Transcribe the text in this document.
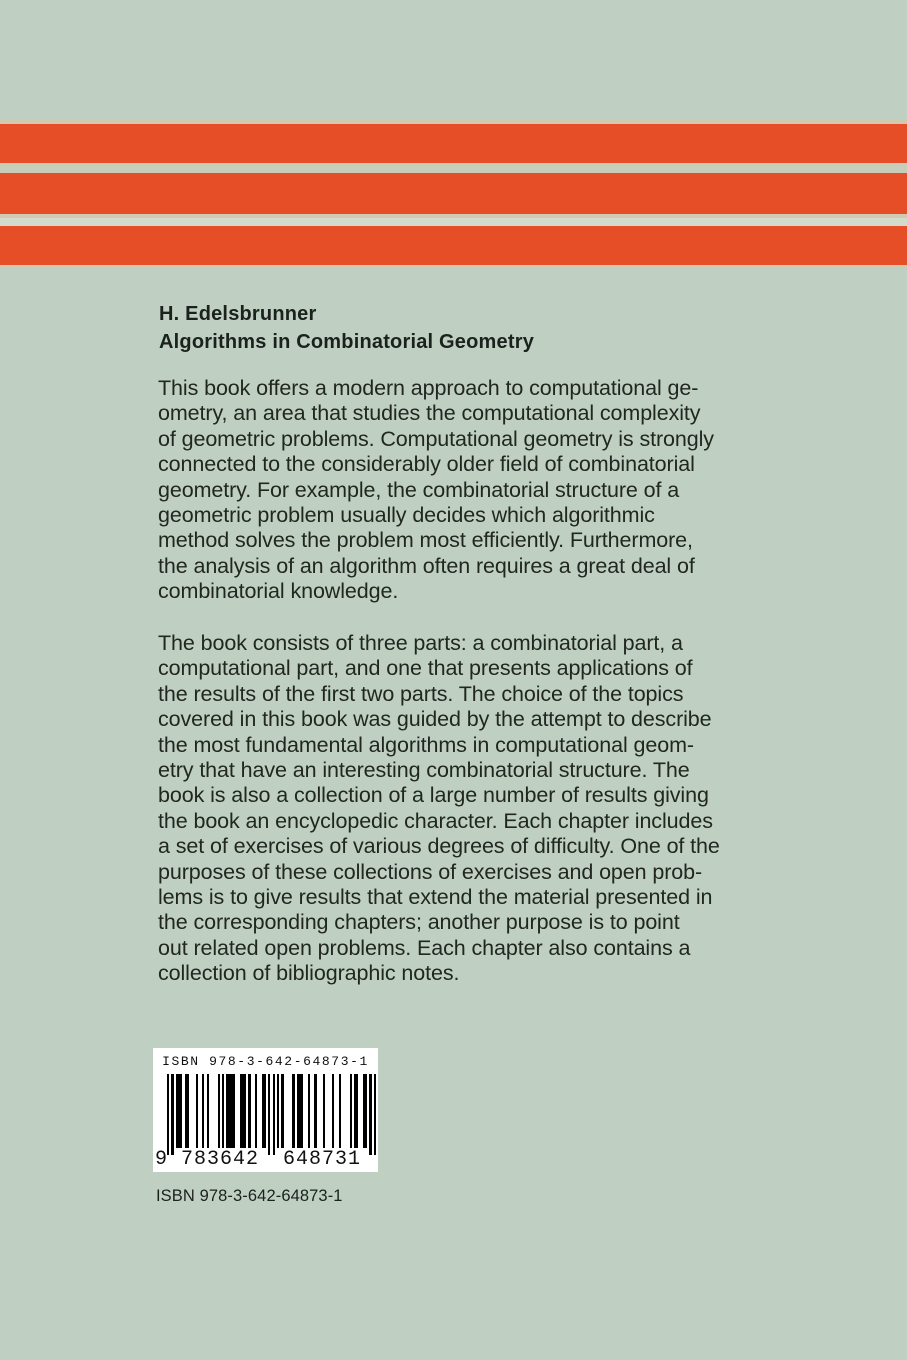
H. Edelsbrunner
Algorithms in Combinatorial Geometry
This book offers a modern approach to computational ge-
ometry, an area that studies the computational complexity
of geometric problems. Computational geometry is strongly
connected to the considerably older field of combinatorial
geometry. For example, the combinatorial structure of a
geometric problem usually decides which algorithmic
method solves the problem most efficiently. Furthermore,
the analysis of an algorithm often requires a great deal of
combinatorial knowledge.
The book consists of three parts: a combinatorial part, a
computational part, and one that presents applications of
the results of the first two parts. The choice of the topics
covered in this book was guided by the attempt to describe
the most fundamental algorithms in computational geom-
etry that have an interesting combinatorial structure. The
book is also a collection of a large number of results giving
the book an encyclopedic character. Each chapter includes
a set of exercises of various degrees of difficulty. One of the
purposes of these collections of exercises and open prob-
lems is to give results that extend the material presented in
the corresponding chapters; another purpose is to point
out related open problems. Each chapter also contains a
collection of bibliographic notes.
ISBN 978-3-642-64873-1
9 783642 648731
ISBN 978-3-642-64873-1
